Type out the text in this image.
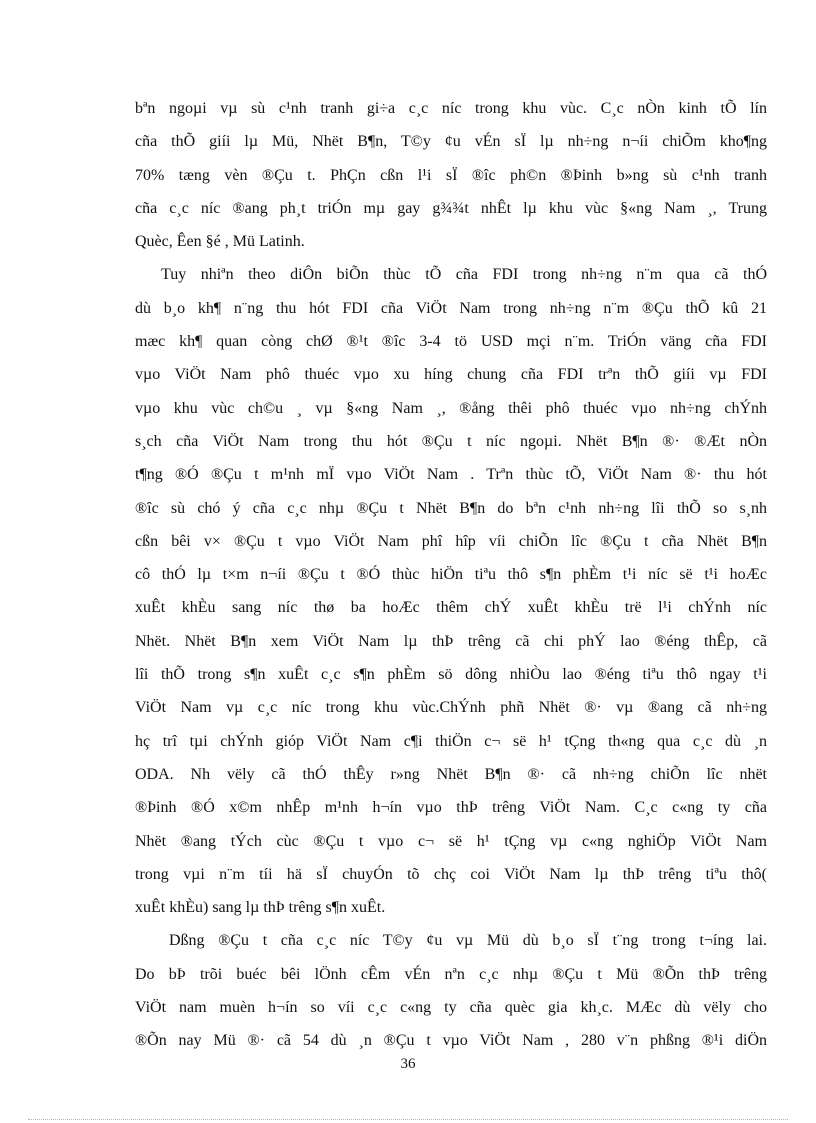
bªn ngoµi vµ sù c¹nh tranh gi÷a c¸c níc trong khu vùc. C¸c nÒn kinh tÕ lín
cña thÕ giíi lµ Mü, Nhët B¶n, T©y ¢u vÉn sÏ lµ nh÷ng n¬íi chiÕm kho¶ng
70% tæng vèn ®Çu t. PhÇn cßn l¹i sÏ ®îc ph©n ®Þinh b»ng sù c¹nh tranh
cña c¸c níc ®ang ph¸t triÓn mµ gay g¾¾t nhÊt lµ khu vùc §«ng Nam ¸, Trung
Quèc, Êen §é , Mü Latinh.
Tuy nhiªn theo diÔn biÕn thùc tÕ cña FDI trong nh÷ng n¨m qua cã thÓ
dù b¸o kh¶ n¨ng thu hót FDI cña ViÖt Nam trong nh÷ng n¨m ®Çu thÕ kû 21
mæc kh¶ quan còng chØ ®¹t ®îc 3-4 tö USD mçi n¨m. TriÓn väng cña FDI
vµo ViÖt Nam phô thuéc vµo xu híng chung cña FDI trªn thÕ giíi vµ FDI
vµo khu vùc ch©u ¸ vµ §«ng Nam ¸, ®ång thêi phô thuéc vµo nh÷ng chÝnh
s¸ch cña ViÖt Nam trong thu hót ®Çu t níc ngoµi. Nhët B¶n ®· ®Æt nÒn
t¶ng ®Ó ®Çu t m¹nh mÏ vµo ViÖt Nam . Trªn thùc tÕ, ViÖt Nam ®· thu hót
®îc sù chó ý cña c¸c nhµ ®Çu t Nhët B¶n do bªn c¹nh nh÷ng lîi thÕ so s¸nh
cßn bêi v× ®Çu t vµo ViÖt Nam phî hîp víi chiÕn lîc ®Çu t cña Nhët B¶n
cô thÓ lµ t×m n¬íi ®Çu t ®Ó thùc hiÖn tiªu thô s¶n phÈm t¹i níc së t¹i hoÆc
xuÊt khÈu sang níc thø ba hoÆc thêm chÝ xuÊt khÈu trë l¹i chÝnh níc
Nhët. Nhët B¶n xem ViÖt Nam lµ thÞ trêng cã chi phÝ lao ®éng thÊp, cã
lîi thÕ trong s¶n xuÊt c¸c s¶n phÈm sö dông nhiÒu lao ®éng tiªu thô ngay t¹i
ViÖt Nam vµ c¸c níc trong khu vùc.ChÝnh phñ Nhët ®· vµ ®ang cã nh÷ng
hç trî tµi chÝnh gióp ViÖt Nam c¶i thiÖn c¬ së h¹ tÇng th«ng qua c¸c dù ¸n
ODA. Nh vëly cã thÓ thÊy r»ng Nhët B¶n ®· cã nh÷ng chiÕn lîc nhët
®Þinh ®Ó x©m nhÊp m¹nh h¬ín vµo thÞ trêng ViÖt Nam. C¸c c«ng ty cña
Nhët ®ang tÝch cùc ®Çu t vµo c¬ së h¹ tÇng vµ c«ng nghiÖp ViÖt Nam
trong vµi n¨m tíi hä sÏ chuyÓn tõ chç coi ViÖt Nam lµ thÞ trêng tiªu thô(
xuÊt khÈu) sang lµ thÞ trêng s¶n xuÊt.
Dßng ®Çu t cña c¸c níc T©y ¢u vµ Mü dù b¸o sÏ t¨ng trong t¬íng lai.
Do bÞ trõi buéc bêi lÖnh cÊm vÉn nªn c¸c nhµ ®Çu t Mü ®Õn thÞ trêng
ViÖt nam muèn h¬ín so víi c¸c c«ng ty cña quèc gia kh¸c. MÆc dù vëly cho
®Õn nay Mü ®· cã 54 dù ¸n ®Çu t vµo ViÖt Nam , 280 v¨n phßng ®¹i diÖn
36
